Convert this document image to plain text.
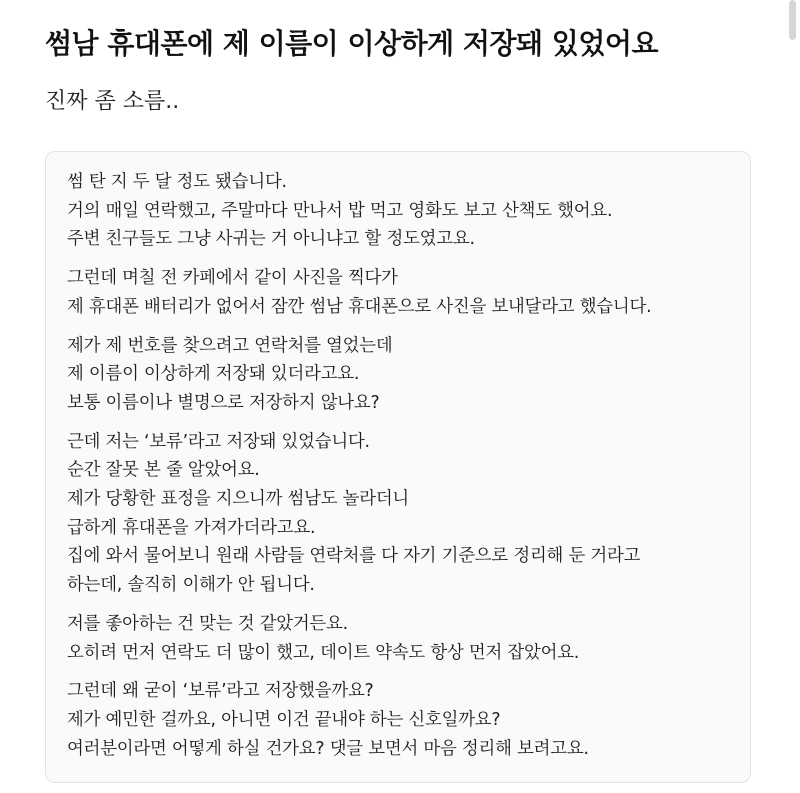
썸남 휴대폰에 제 이름이 이상하게 저장돼 있었어요

진짜 좀 소름..

썸 탄 지 두 달 정도 됐습니다.
거의 매일 연락했고, 주말마다 만나서 밥 먹고 영화도 보고 산책도 했어요.
주변 친구들도 그냥 사귀는 거 아니냐고 할 정도였고요.
그런데 며칠 전 카페에서 같이 사진을 찍다가
제 휴대폰 배터리가 없어서 잠깐 썸남 휴대폰으로 사진을 보내달라고 했습니다.
제가 제 번호를 찾으려고 연락처를 열었는데
제 이름이 이상하게 저장돼 있더라고요.
보통 이름이나 별명으로 저장하지 않나요?
근데 저는 ‘보류’라고 저장돼 있었습니다.
순간 잘못 본 줄 알았어요.
제가 당황한 표정을 지으니까 썸남도 놀라더니
급하게 휴대폰을 가져가더라고요.
집에 와서 물어보니 원래 사람들 연락처를 다 자기 기준으로 정리해 둔 거라고
하는데, 솔직히 이해가 안 됩니다.
저를 좋아하는 건 맞는 것 같았거든요.
오히려 먼저 연락도 더 많이 했고, 데이트 약속도 항상 먼저 잡았어요.
그런데 왜 굳이 ‘보류’라고 저장했을까요?
제가 예민한 걸까요, 아니면 이건 끝내야 하는 신호일까요?
여러분이라면 어떻게 하실 건가요? 댓글 보면서 마음 정리해 보려고요.
